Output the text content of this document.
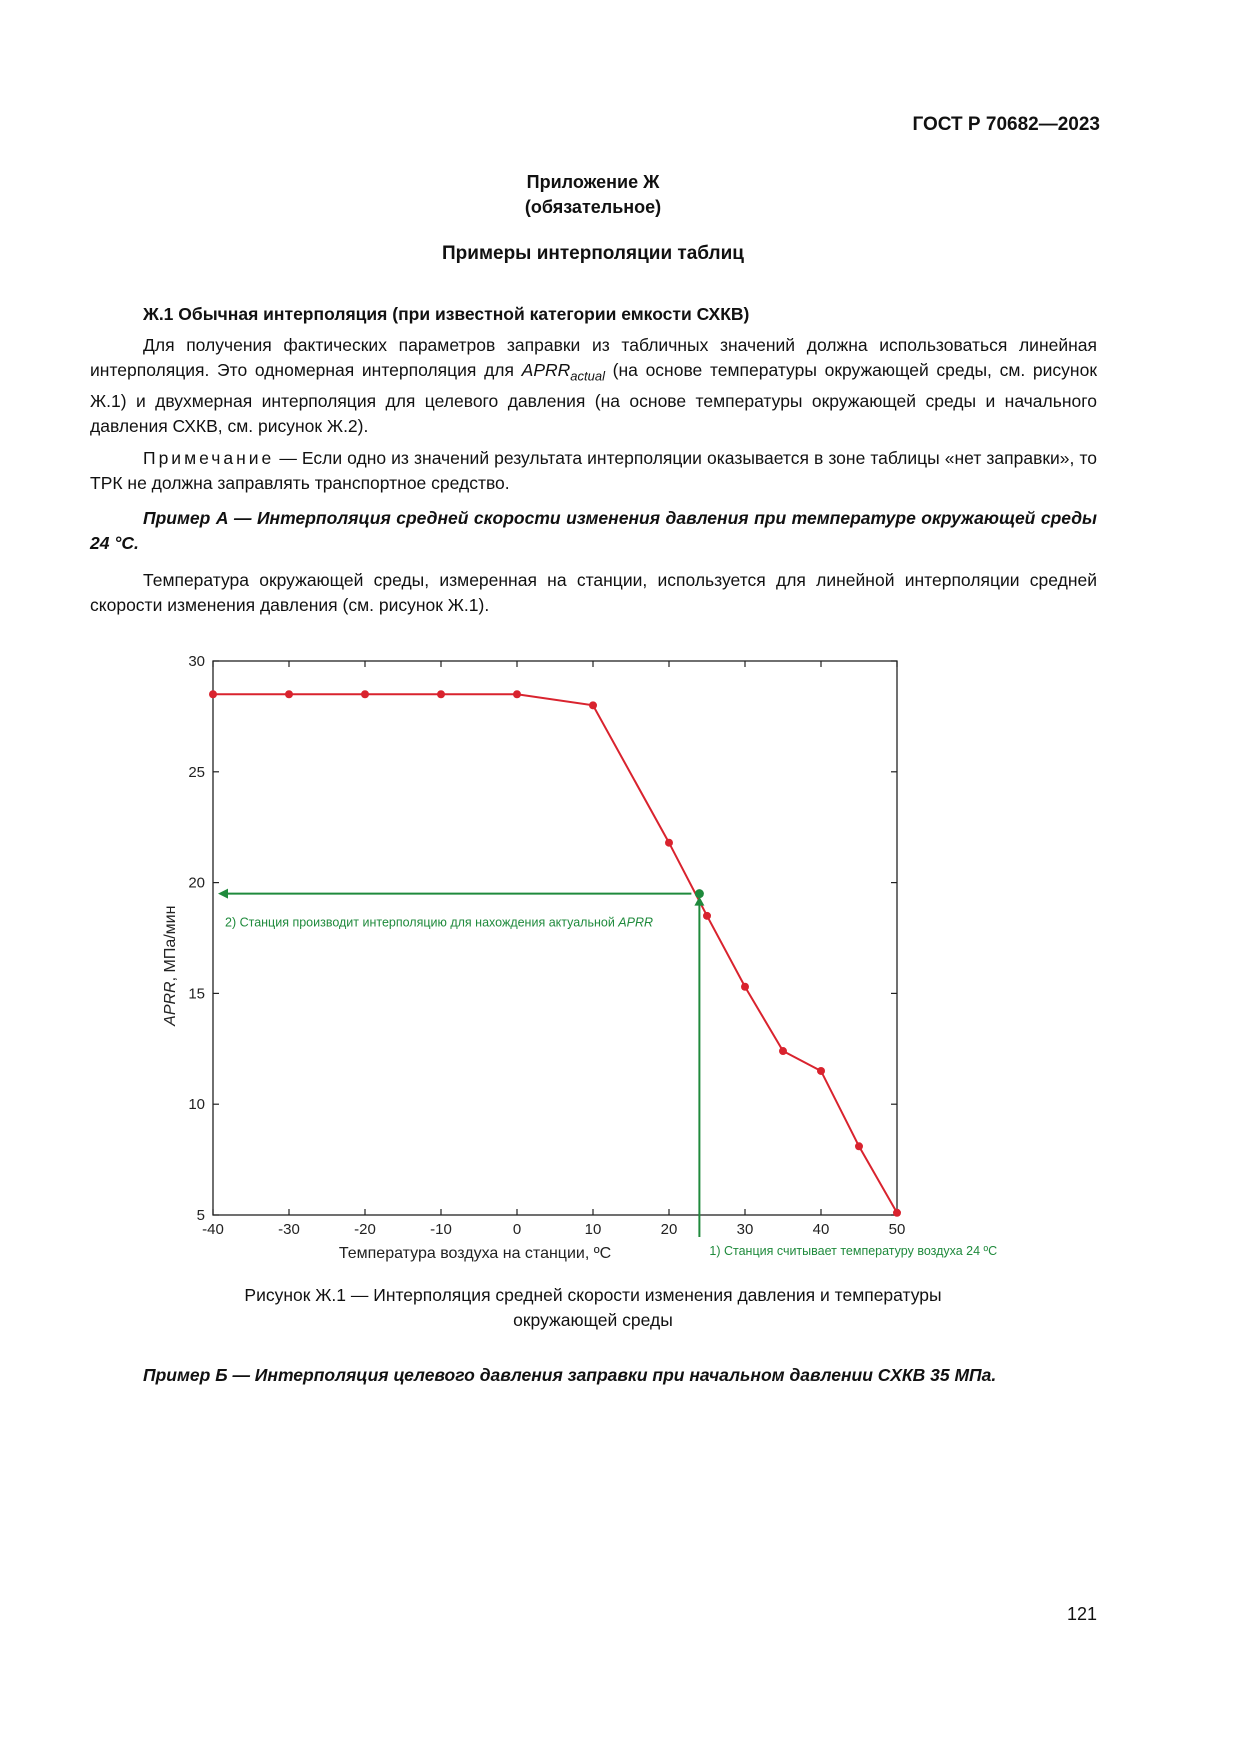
ГОСТ Р 70682—2023
Приложение Ж
(обязательное)
Примеры интерполяции таблиц
Ж.1 Обычная интерполяция (при известной категории емкости СХКВ)
Для получения фактических параметров заправки из табличных значений должна использоваться линейная интерполяция. Это одномерная интерполяция для $APRR_{actual}$ (на основе температуры окружающей среды, см. рисунок Ж.1) и двухмерная интерполяция для целевого давления (на основе температуры окружающей среды и начального давления СХКВ, см. рисунок Ж.2).
Примечание — Если одно из значений результата интерполяции оказывается в зоне таблицы «нет заправки», то ТРК не должна заправлять транспортное средство.
Пример А — Интерполяция средней скорости изменения давления при температуре окружающей среды 24 °С.
Температура окружающей среды, измеренная на станции, используется для линейной интерполяции средней скорости изменения давления (см. рисунок Ж.1).
-40	-30	-20	-10	0	10	20	30	40	50
5
10
15
20
25
30
Температура воздуха на станции, ºС
APRR, МПа/мин	2) Станция производит интерполяцию для нахождения актуальной APRR
1) Станция считывает температуру воздуха 24 ºС
Рисунок Ж.1 — Интерполяция средней скорости изменения давления и температуры
окружающей среды
Пример Б — Интерполяция целевого давления заправки при начальном давлении СХКВ 35 МПа.
121
